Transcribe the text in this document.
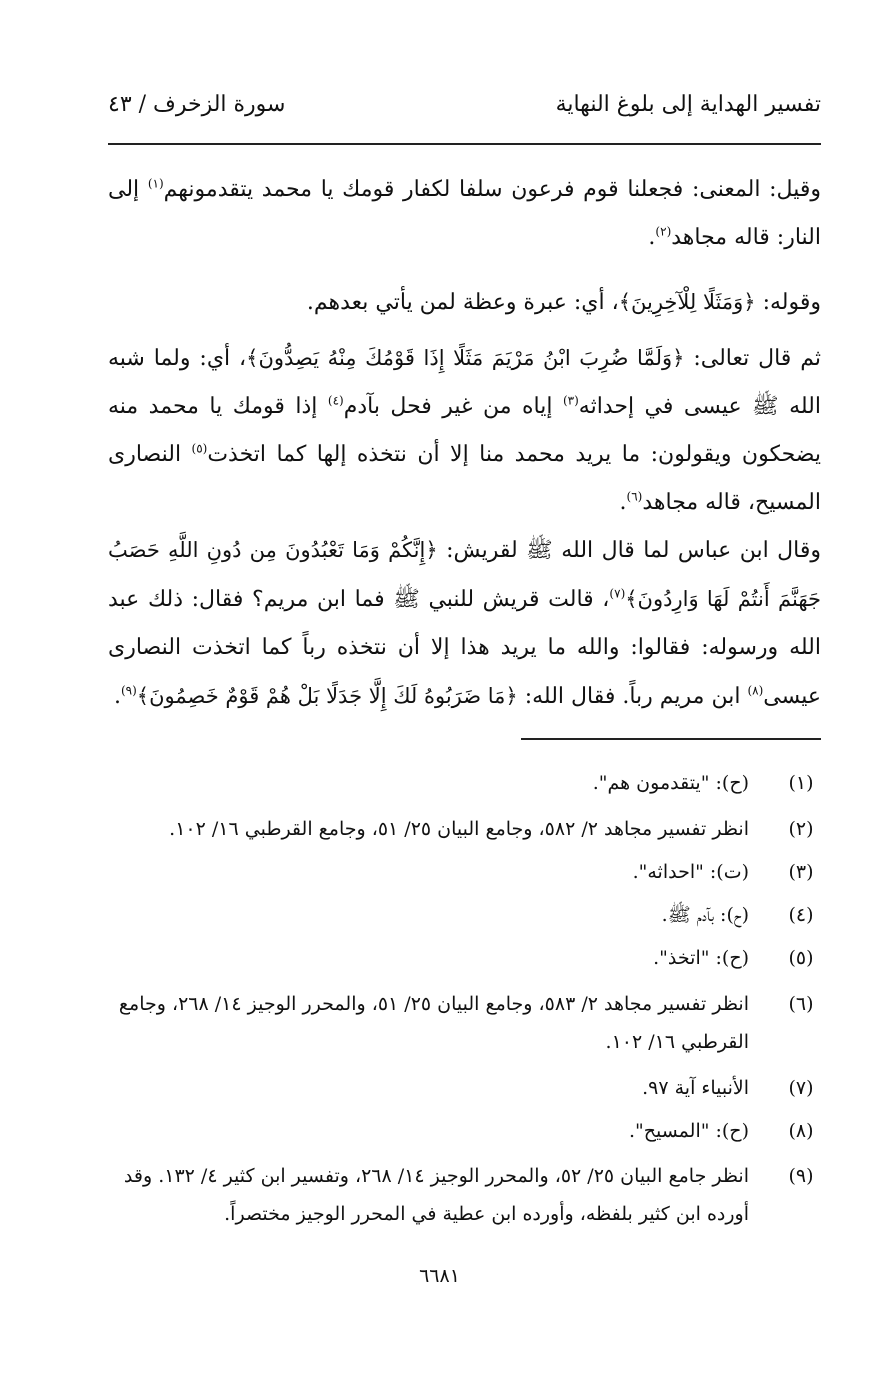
تفسير الهداية إلى بلوغ النهاية
سورة الزخرف / ٤٣
وقيل: المعنى: فجعلنا قوم فرعون سلفا لكفار قومك يا محمد يتقدمونهم$^{(١)}$ إلى النار: قاله مجاهد$^{(٢)}$.
وقوله: ﴿وَمَثَلًا لِلْآخِرِينَ﴾، أي: عبرة وعظة لمن يأتي بعدهم.
ثم قال تعالى: ﴿وَلَمَّا ضُرِبَ ابْنُ مَرْيَمَ مَثَلًا إِذَا قَوْمُكَ مِنْهُ يَصِدُّونَ﴾، أي: ولما شبه الله ﷺ عيسى في إحداثه$^{(٣)}$ إياه من غير فحل بآدم$^{(٤)}$ إذا قومك يا محمد منه يضحكون ويقولون: ما يريد محمد منا إلا أن نتخذه إلها كما اتخذت$^{(٥)}$ النصارى المسيح، قاله مجاهد$^{(٦)}$.
وقال ابن عباس لما قال الله ﷺ لقريش: ﴿إِنَّكُمْ وَمَا تَعْبُدُونَ مِن دُونِ اللَّهِ حَصَبُ جَهَنَّمَ أَنتُمْ لَهَا وَارِدُونَ﴾$^{(٧)}$، قالت قريش للنبي ﷺ فما ابن مريم؟ فقال: ذلك عبد الله ورسوله: فقالوا: والله ما يريد هذا إلا أن نتخذه رباً كما اتخذت النصارى عيسى$^{(٨)}$ ابن مريم رباً. فقال الله: ﴿مَا ضَرَبُوهُ لَكَ إِلَّا جَدَلًا بَلْ هُمْ قَوْمٌ خَصِمُونَ﴾$^{(٩)}$.
(١)
(ح): "يتقدمون هم".
(٢)
انظر تفسير مجاهد ٢/ ٥٨٢، وجامع البيان ٢٥/ ٥١، وجامع القرطبي ١٦/ ١٠٢.
(٣)
(ت): "احداثه".
(٤)
(ح): بآدم ﷺ.
(٥)
(ح): "اتخذ".
(٦)
انظر تفسير مجاهد ٢/ ٥٨٣، وجامع البيان ٢٥/ ٥١، والمحرر الوجيز ١٤/ ٢٦٨، وجامع القرطبي ١٦/ ١٠٢.
(٧)
الأنبياء آية ٩٧.
(٨)
(ح): "المسيح".
(٩)
انظر جامع البيان ٢٥/ ٥٢، والمحرر الوجيز ١٤/ ٢٦٨، وتفسير ابن كثير ٤/ ١٣٢. وقد أورده ابن كثير بلفظه، وأورده ابن عطية في المحرر الوجيز مختصراً.
٦٦٨١
